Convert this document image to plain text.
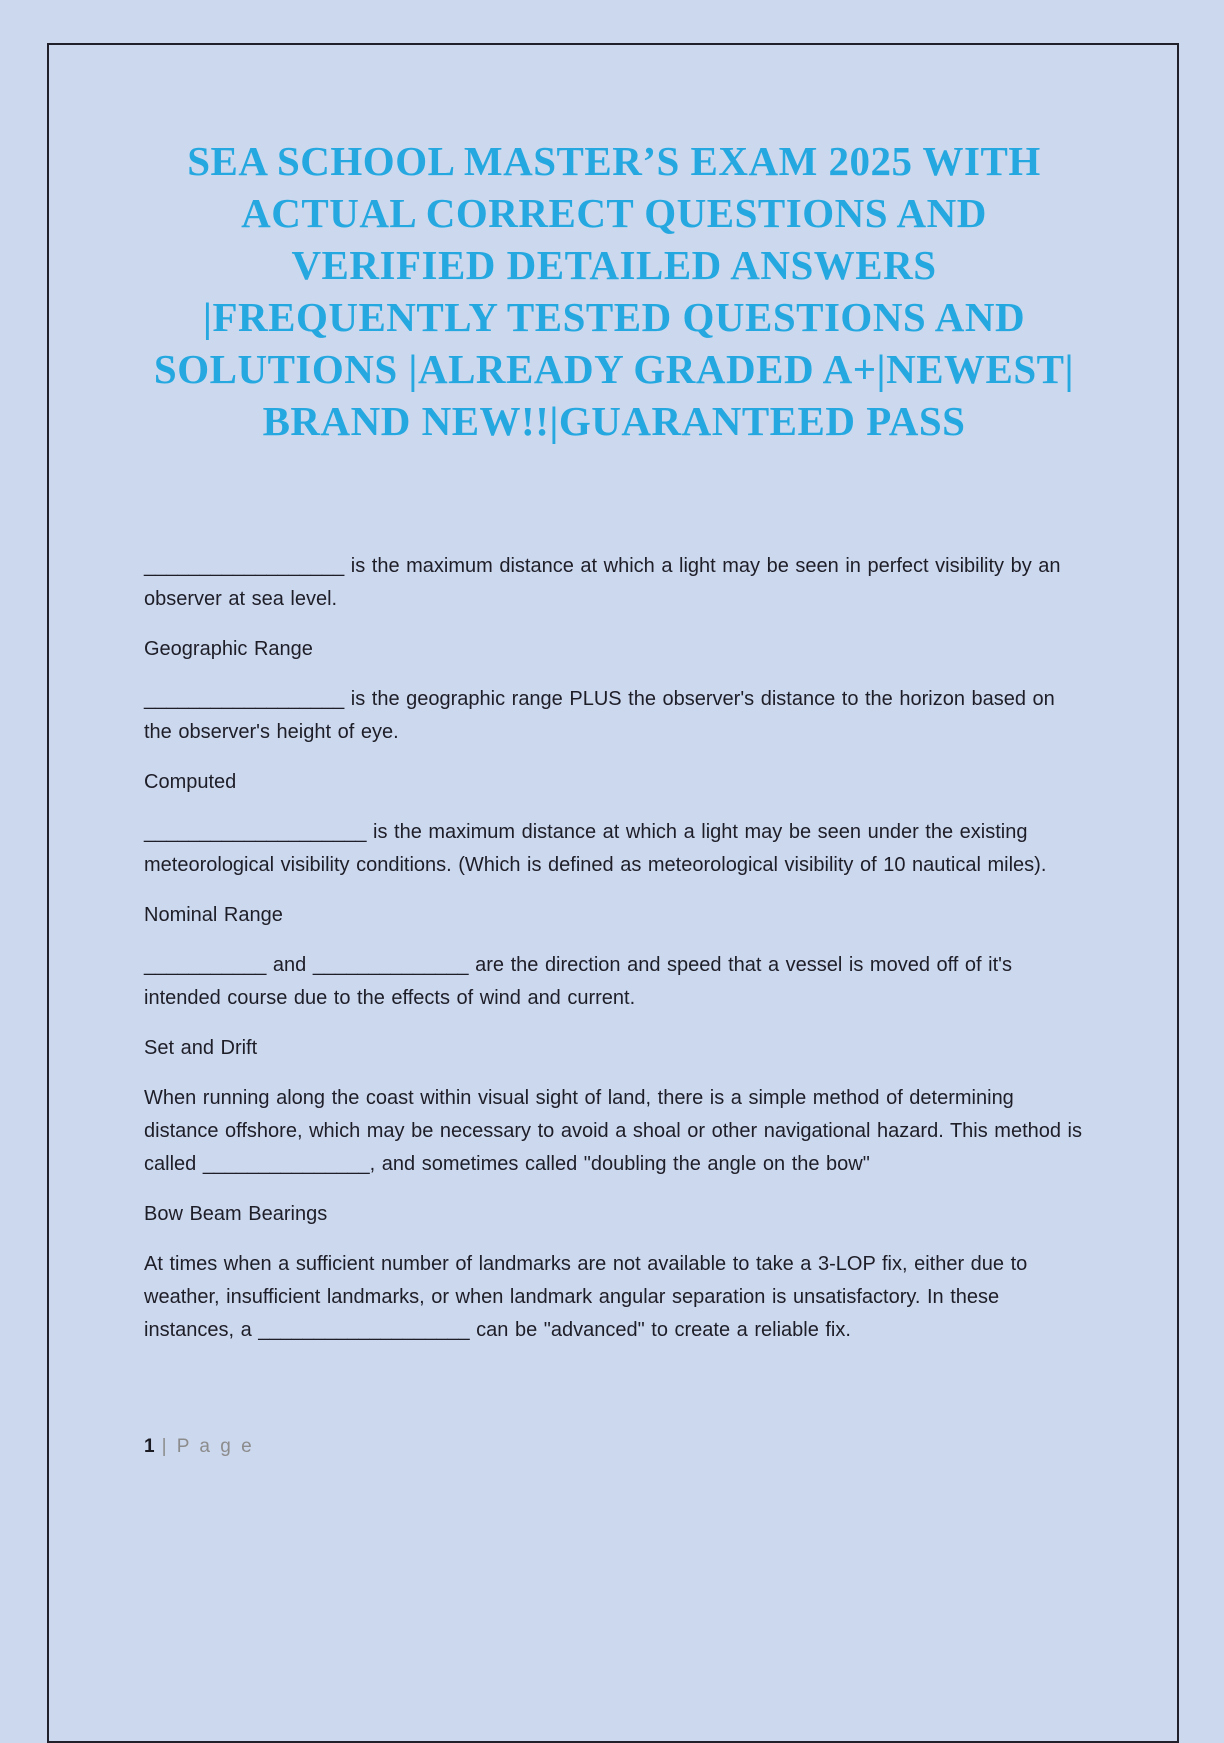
SEA SCHOOL MASTER’S EXAM 2025 WITH
ACTUAL CORRECT QUESTIONS AND
VERIFIED DETAILED ANSWERS
|FREQUENTLY TESTED QUESTIONS AND
SOLUTIONS |ALREADY GRADED A+|NEWEST|
BRAND NEW!!|GUARANTEED PASS

__________________ is the maximum distance at which a light may be seen in perfect visibility by an observer at sea level.

Geographic Range

__________________ is the geographic range PLUS the observer's distance to the horizon based on the observer's height of eye.

Computed

____________________ is the maximum distance at which a light may be seen under the existing meteorological visibility conditions. (Which is defined as meteorological visibility of 10 nautical miles).

Nominal Range

___________ and ______________ are the direction and speed that a vessel is moved off of it's intended course due to the effects of wind and current.

Set and Drift

When running along the coast within visual sight of land, there is a simple method of determining distance offshore, which may be necessary to avoid a shoal or other navigational hazard. This method is called _______________, and sometimes called "doubling the angle on the bow"

Bow Beam Bearings

At times when a sufficient number of landmarks are not available to take a 3-LOP fix, either due to weather, insufficient landmarks, or when landmark angular separation is unsatisfactory. In these instances, a ___________________ can be "advanced" to create a reliable fix.

1 | P a g e
